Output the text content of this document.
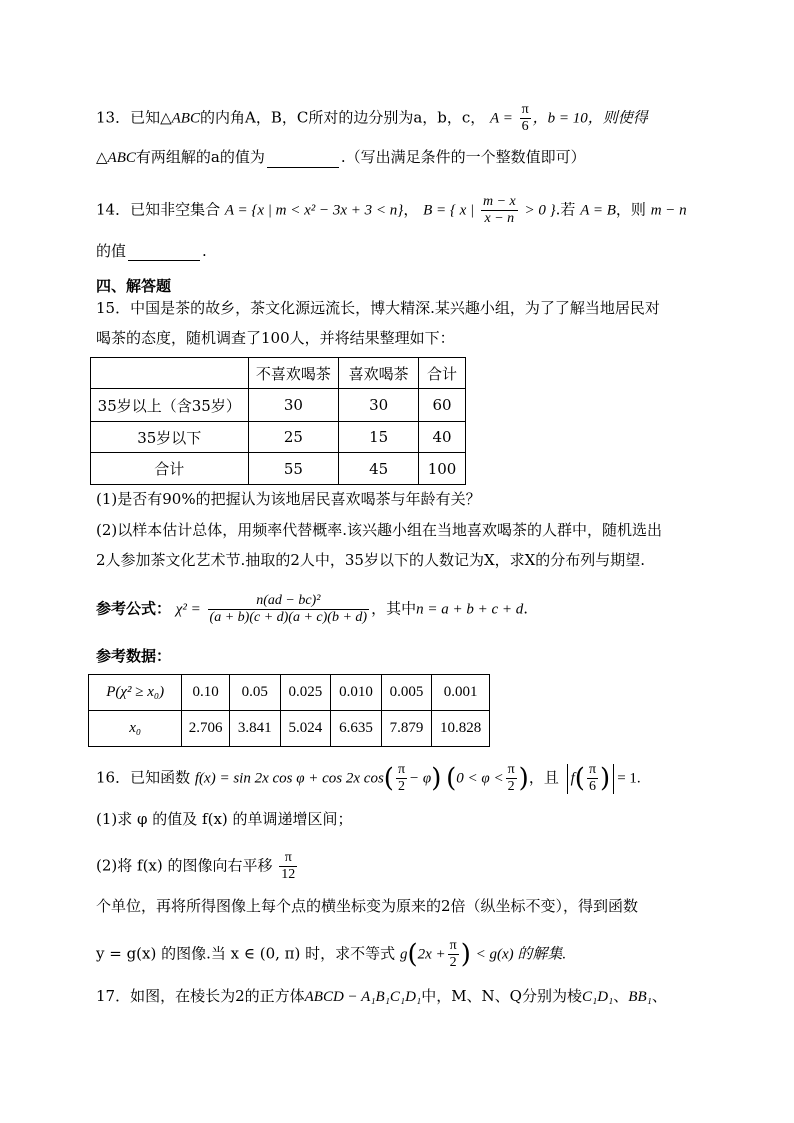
13．已知△ABC的内角A，B，C所对的边分别为a，b，c， $A = \frac{\pi}{6}$ ，b = 10，则使得
△ABC有两组解的a的值为	.（写出满足条件的一个整数值即可）
14．已知非空集合 A = {x | m < x² − 3x + 3 < n}， B = { x | $\frac{m - x}{x - n} > 0$ }.若 A = B，则 m − n
的值	.
四、解答题
15．中国是茶的故乡，茶文化源远流长，博大精深.某兴趣小组，为了了解当地居民对
喝茶的态度，随机调查了100人，并将结果整理如下：
	不喜欢喝茶	喜欢喝茶	合计
35岁以上（含35岁）	30	30	60
35岁以下	25	15	40
合计	55	45	100
(1)是否有90%的把握认为该地居民喜欢喝茶与年龄有关？
(2)以样本估计总体，用频率代替概率.该兴趣小组在当地喜欢喝茶的人群中，随机选出
2人参加茶文化艺术节.抽取的2人中，35岁以下的人数记为X，求X的分布列与期望.
参考公式： $\chi^2 = \frac{\text{n(ad − bc)²}}{(a + b)(c + d)(a + c)(b + d)}$ ，其中n = a + b + c + d.
参考数据：
P(χ² ≥ x₀)	0.10	0.05	0.025	0.010	0.005	0.001
x₀	2.706	3.841	5.024	6.635	7.879	10.828
16．已知函数 f(x) = sin 2x cos φ + cos 2x $\cos( \frac{\pi}{2} - \varphi)$ ($0 < \varphi < \frac{\pi}{2}$ )，且 $f( \frac{\pi}{6}$ ) = 1.
(1)求 φ 的值及 f(x) 的单调递增区间；
(2)将 f(x) 的图像向右平移 $\frac{\pi}{12}$
个单位，再将所得图像上每个点的横坐标变为原来的2倍（纵坐标不变），得到函数
y = g(x) 的图像.当 x ∈ (0, π) 时，求不等式 $g(2x + \frac{\pi}{2}$ ) < g(x) 的解集.
17．如图，在棱长为2的正方体ABCD − A₁B₁C₁D₁中，M、N、Q分别为棱C₁D₁、BB₁、
